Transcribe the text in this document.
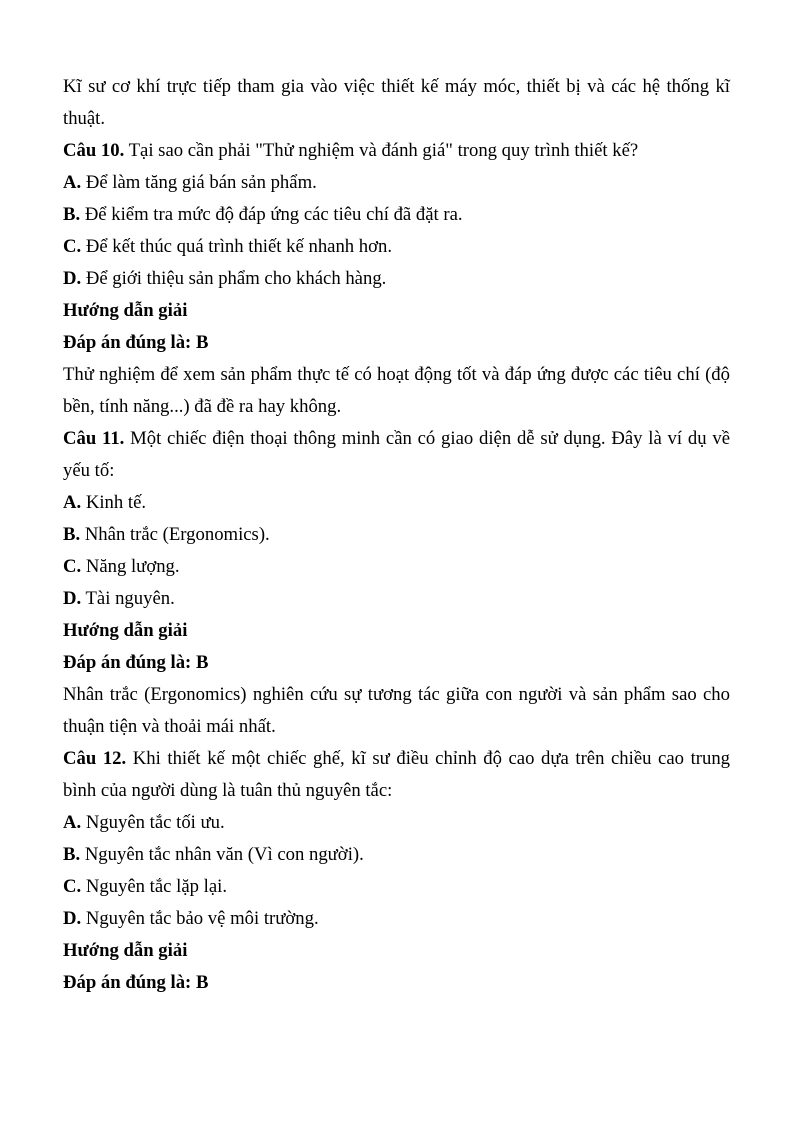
Kĩ sư cơ khí trực tiếp tham gia vào việc thiết kế máy móc, thiết bị và các hệ thống kĩ thuật.

Câu 10. Tại sao cần phải "Thử nghiệm và đánh giá" trong quy trình thiết kế?

A. Để làm tăng giá bán sản phẩm.

B. Để kiểm tra mức độ đáp ứng các tiêu chí đã đặt ra.

C. Để kết thúc quá trình thiết kế nhanh hơn.

D. Để giới thiệu sản phẩm cho khách hàng.

Hướng dẫn giải

Đáp án đúng là: B

Thử nghiệm để xem sản phẩm thực tế có hoạt động tốt và đáp ứng được các tiêu chí (độ bền, tính năng...) đã đề ra hay không.

Câu 11. Một chiếc điện thoại thông minh cần có giao diện dễ sử dụng. Đây là ví dụ về yếu tố:

A. Kinh tế.

B. Nhân trắc (Ergonomics).

C. Năng lượng.

D. Tài nguyên.

Hướng dẫn giải

Đáp án đúng là: B

Nhân trắc (Ergonomics) nghiên cứu sự tương tác giữa con người và sản phẩm sao cho thuận tiện và thoải mái nhất.

Câu 12. Khi thiết kế một chiếc ghế, kĩ sư điều chỉnh độ cao dựa trên chiều cao trung bình của người dùng là tuân thủ nguyên tắc:

A. Nguyên tắc tối ưu.

B. Nguyên tắc nhân văn (Vì con người).

C. Nguyên tắc lặp lại.

D. Nguyên tắc bảo vệ môi trường.

Hướng dẫn giải

Đáp án đúng là: B
